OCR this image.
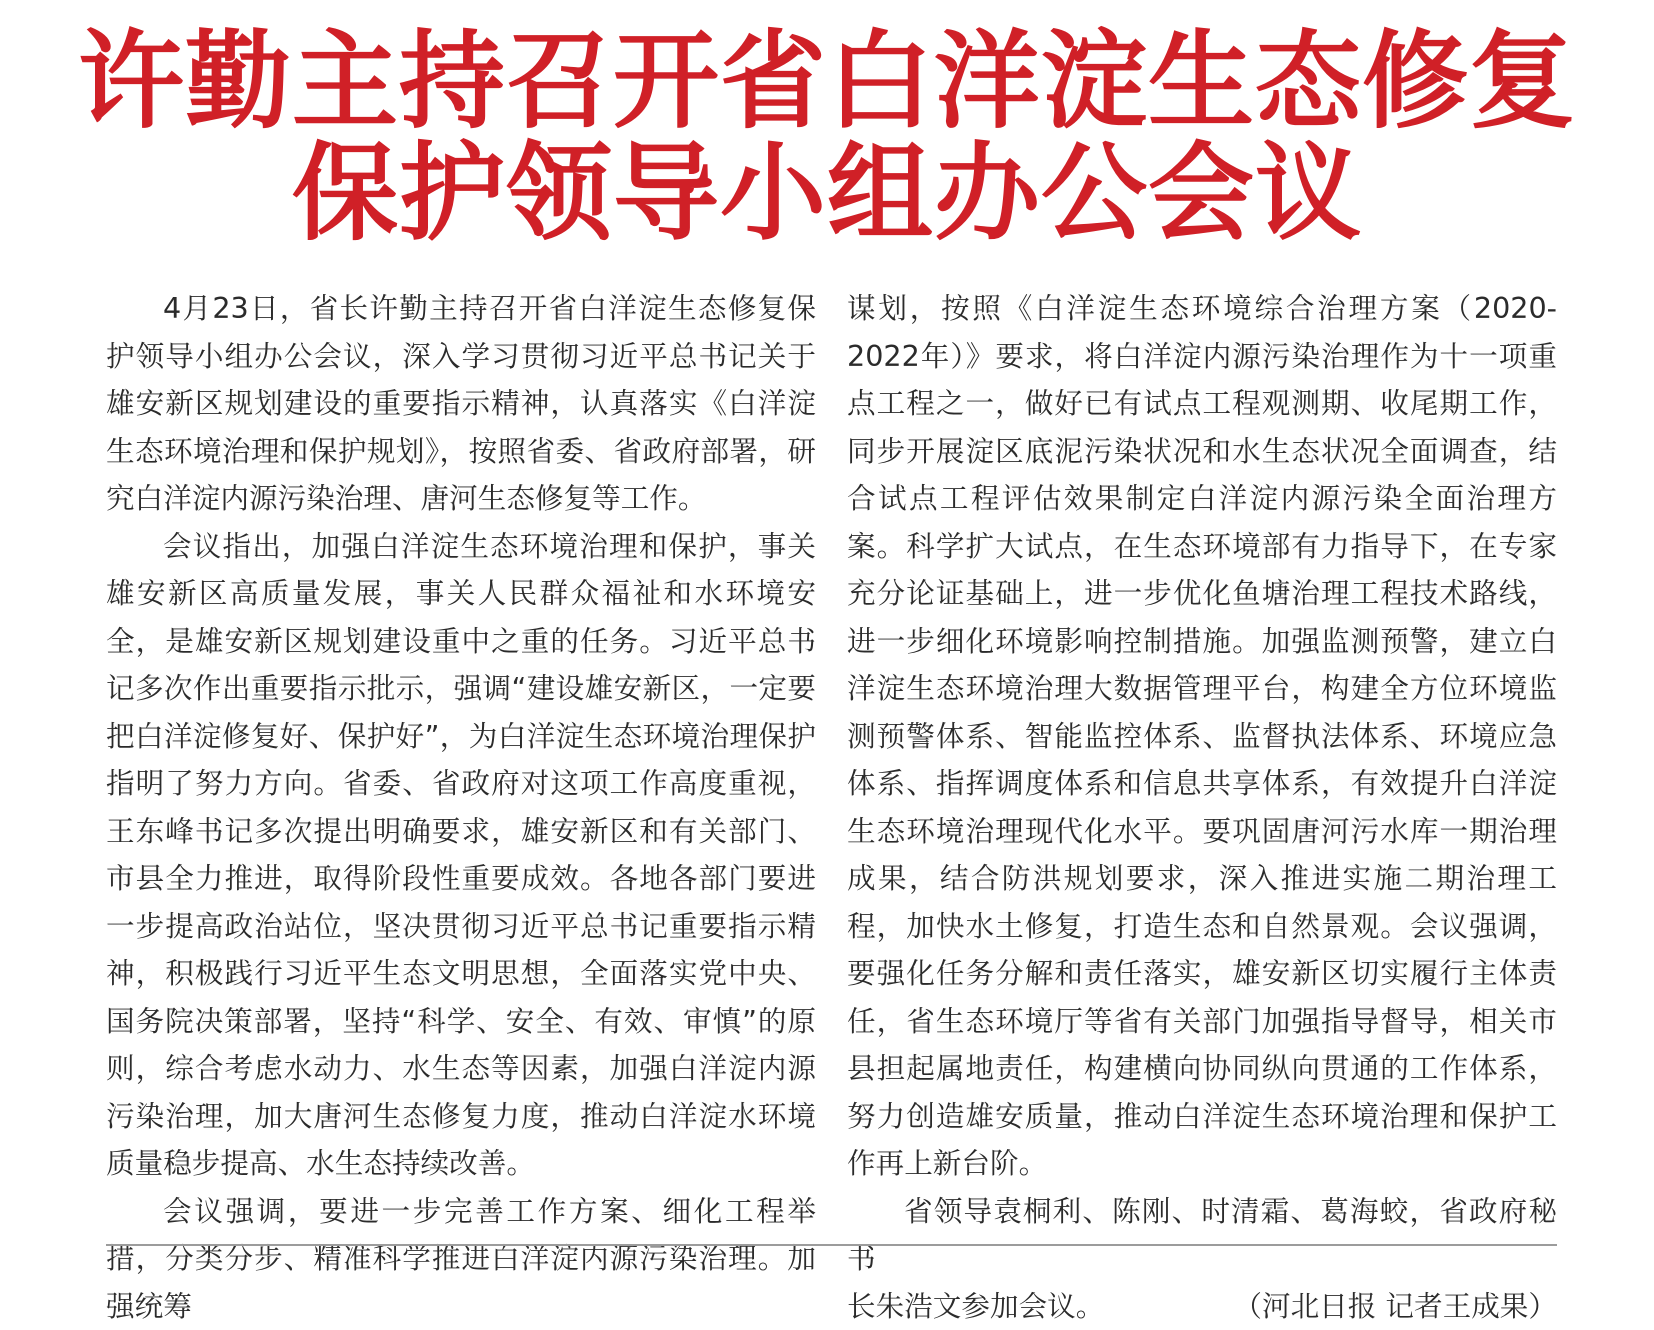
许勤主持召开省白洋淀生态修复
保护领导小组办公会议

4月23日，省长许勤主持召开省白洋淀生态修复保护领导小组办公会议，深入学习贯彻习近平总书记关于雄安新区规划建设的重要指示精神，认真落实《白洋淀生态环境治理和保护规划》，按照省委、省政府部署，研究白洋淀内源污染治理、唐河生态修复等工作。

会议指出，加强白洋淀生态环境治理和保护，事关雄安新区高质量发展，事关人民群众福祉和水环境安全，是雄安新区规划建设重中之重的任务。习近平总书记多次作出重要指示批示，强调“建设雄安新区，一定要把白洋淀修复好、保护好”，为白洋淀生态环境治理保护指明了努力方向。省委、省政府对这项工作高度重视，王东峰书记多次提出明确要求，雄安新区和有关部门、市县全力推进，取得阶段性重要成效。各地各部门要进一步提高政治站位，坚决贯彻习近平总书记重要指示精神，积极践行习近平生态文明思想，全面落实党中央、国务院决策部署，坚持“科学、安全、有效、审慎”的原则，综合考虑水动力、水生态等因素，加强白洋淀内源污染治理，加大唐河生态修复力度，推动白洋淀水环境质量稳步提高、水生态持续改善。

会议强调，要进一步完善工作方案、细化工程举措，分类分步、精准科学推进白洋淀内源污染治理。加强统筹

谋划，按照《白洋淀生态环境综合治理方案（2020-2022年）》要求，将白洋淀内源污染治理作为十一项重点工程之一，做好已有试点工程观测期、收尾期工作，同步开展淀区底泥污染状况和水生态状况全面调查，结合试点工程评估效果制定白洋淀内源污染全面治理方案。科学扩大试点，在生态环境部有力指导下，在专家充分论证基础上，进一步优化鱼塘治理工程技术路线，进一步细化环境影响控制措施。加强监测预警，建立白洋淀生态环境治理大数据管理平台，构建全方位环境监测预警体系、智能监控体系、监督执法体系、环境应急体系、指挥调度体系和信息共享体系，有效提升白洋淀生态环境治理现代化水平。要巩固唐河污水库一期治理成果，结合防洪规划要求，深入推进实施二期治理工程，加快水土修复，打造生态和自然景观。会议强调，要强化任务分解和责任落实，雄安新区切实履行主体责任，省生态环境厅等省有关部门加强指导督导，相关市县担起属地责任，构建横向协同纵向贯通的工作体系，努力创造雄安质量，推动白洋淀生态环境治理和保护工作再上新台阶。

省领导袁桐利、陈刚、时清霜、葛海蛟，省政府秘书

长朱浩文参加会议。	（河北日报 记者王成果）
